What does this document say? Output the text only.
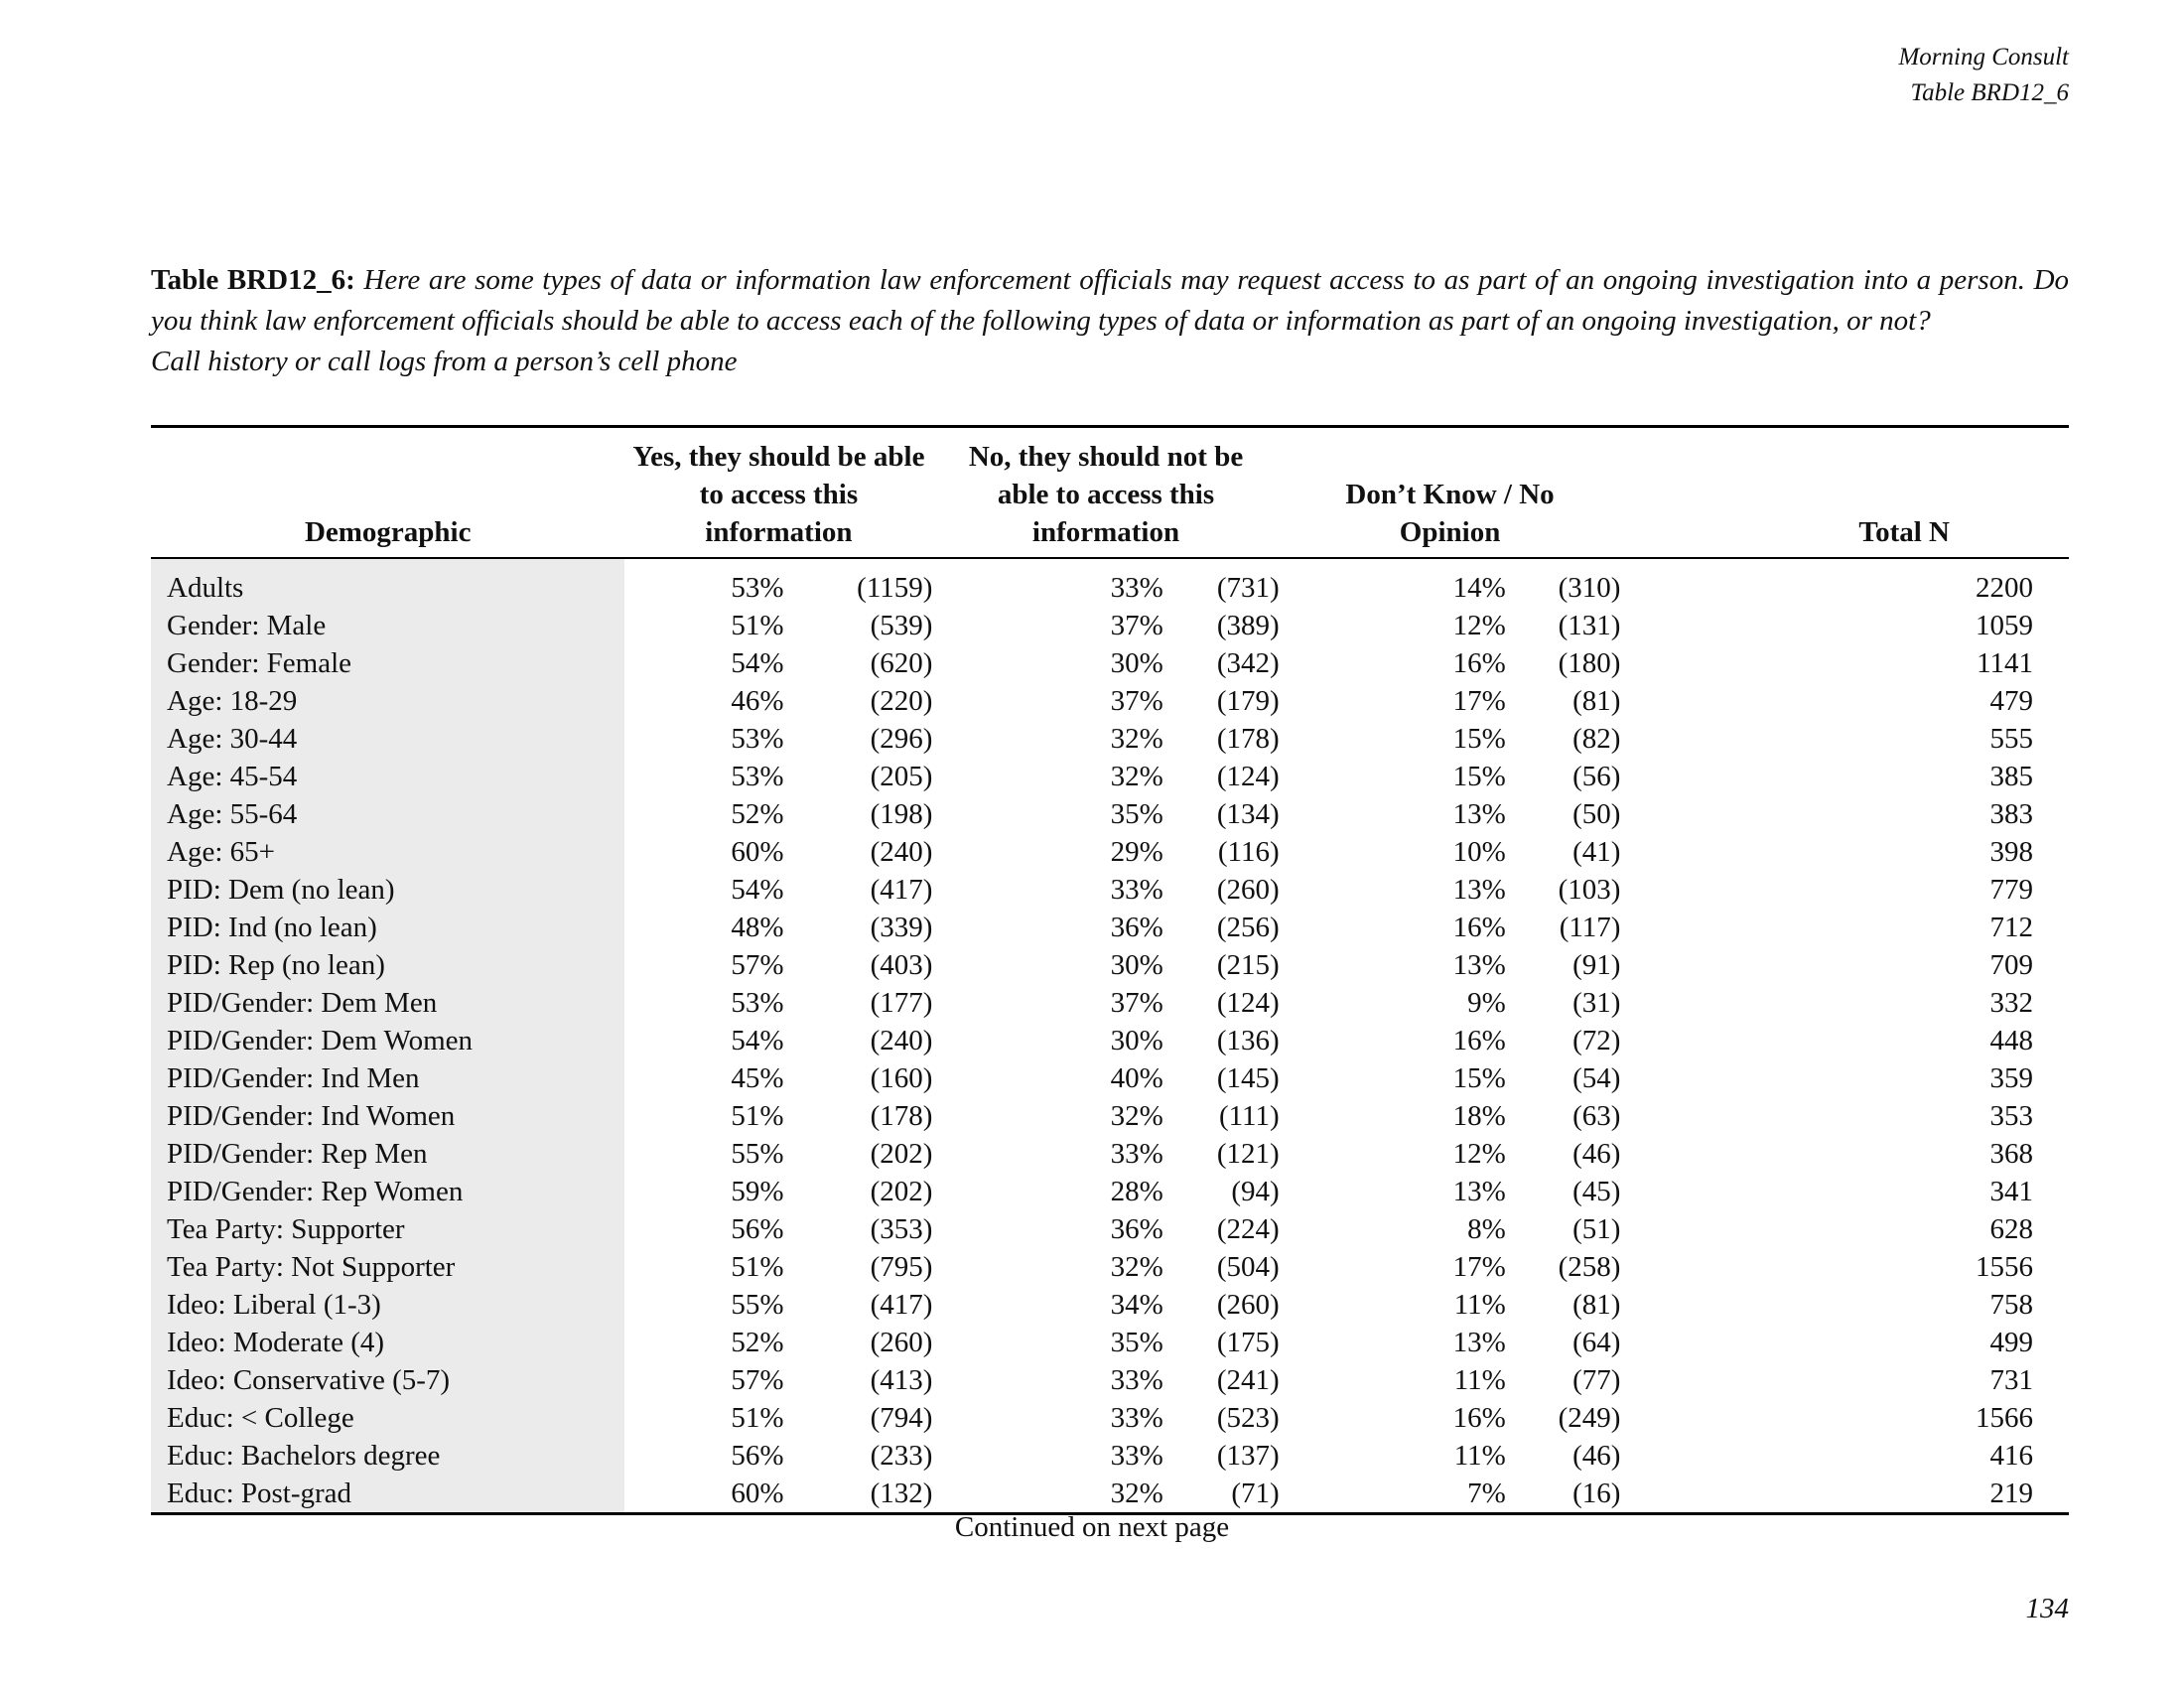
Morning Consult
Table BRD12_6
Table BRD12_6: Here are some types of data or information law enforcement officials may request access to as part of an ongoing investigation into a person. Do you think law enforcement officials should be able to access each of the following types of data or information as part of an ongoing investigation, or not?
Call history or call logs from a person’s cell phone
Demographic	Yes, they should be able to access this information		No, they should not be able to access this information		Don’t Know / No Opinion		Total N

Adults	53%	(1159)	33%	(731)	14%	(310)	2200
Gender: Male	51%	(539)	37%	(389)	12%	(131)	1059
Gender: Female	54%	(620)	30%	(342)	16%	(180)	1141
Age: 18-29	46%	(220)	37%	(179)	17%	(81)	479
Age: 30-44	53%	(296)	32%	(178)	15%	(82)	555
Age: 45-54	53%	(205)	32%	(124)	15%	(56)	385
Age: 55-64	52%	(198)	35%	(134)	13%	(50)	383
Age: 65+	60%	(240)	29%	(116)	10%	(41)	398
PID: Dem (no lean)	54%	(417)	33%	(260)	13%	(103)	779
PID: Ind (no lean)	48%	(339)	36%	(256)	16%	(117)	712
PID: Rep (no lean)	57%	(403)	30%	(215)	13%	(91)	709
PID/Gender: Dem Men	53%	(177)	37%	(124)	9%	(31)	332
PID/Gender: Dem Women	54%	(240)	30%	(136)	16%	(72)	448
PID/Gender: Ind Men	45%	(160)	40%	(145)	15%	(54)	359
PID/Gender: Ind Women	51%	(178)	32%	(111)	18%	(63)	353
PID/Gender: Rep Men	55%	(202)	33%	(121)	12%	(46)	368
PID/Gender: Rep Women	59%	(202)	28%	(94)	13%	(45)	341
Tea Party: Supporter	56%	(353)	36%	(224)	8%	(51)	628
Tea Party: Not Supporter	51%	(795)	32%	(504)	17%	(258)	1556
Ideo: Liberal (1-3)	55%	(417)	34%	(260)	11%	(81)	758
Ideo: Moderate (4)	52%	(260)	35%	(175)	13%	(64)	499
Ideo: Conservative (5-7)	57%	(413)	33%	(241)	11%	(77)	731
Educ: < College	51%	(794)	33%	(523)	16%	(249)	1566
Educ: Bachelors degree	56%	(233)	33%	(137)	11%	(46)	416
Educ: Post-grad	60%	(132)	32%	(71)	7%	(16)	219
Continued on next page
134
